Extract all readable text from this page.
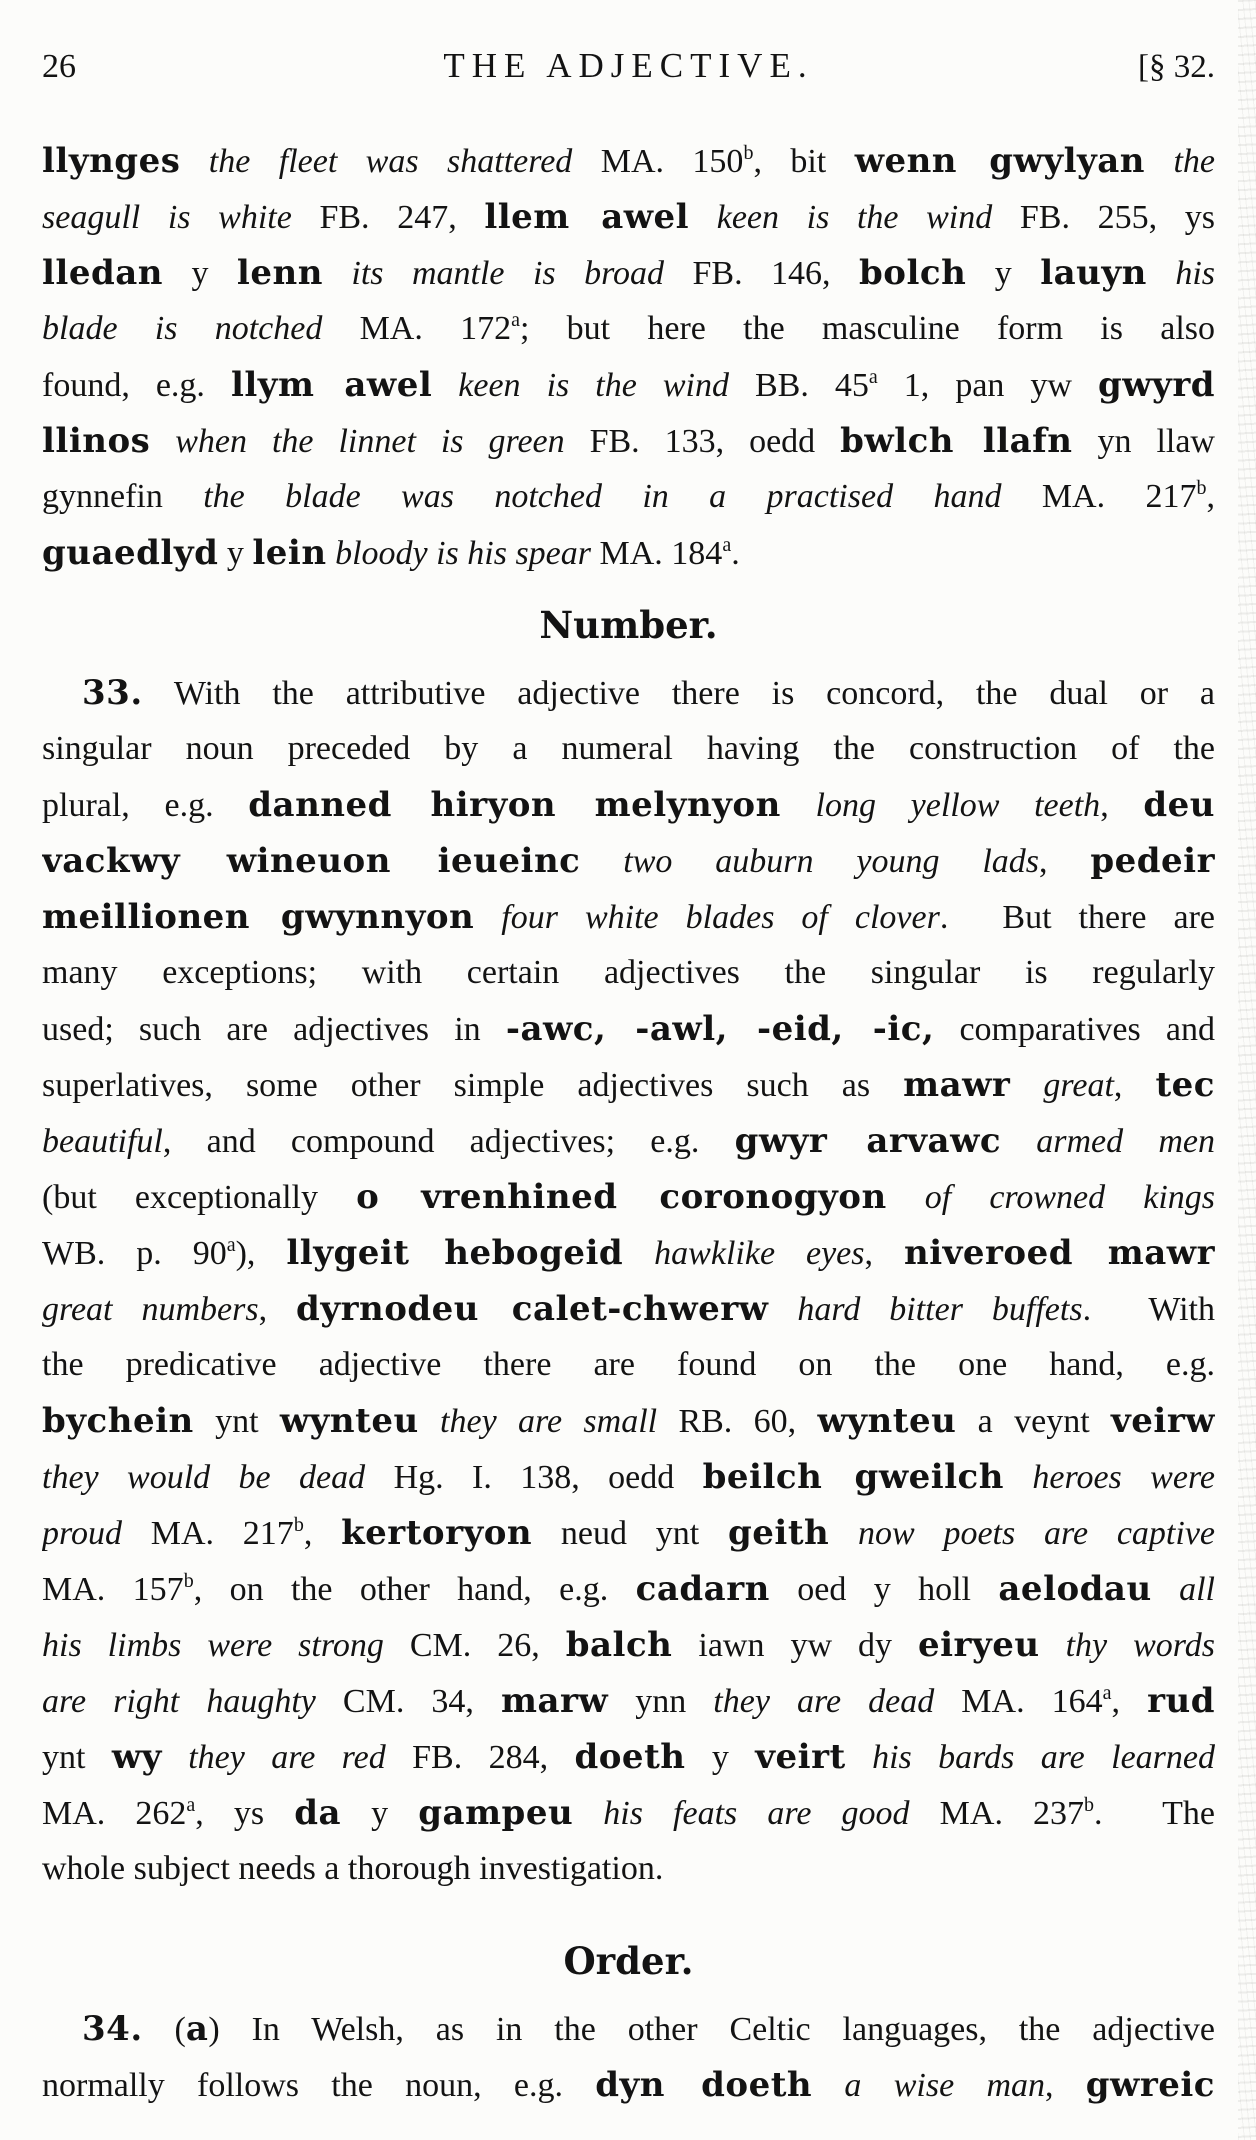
26	THE ADJECTIVE.	[§ 32.
llynges the fleet was shattered MA. 150$^b$, bit wenn gwylyan the
seagull is white FB. 247, llem awel keen is the wind FB. 255, ys
lledan y lenn its mantle is broad FB. 146, bolch y lauyn his
blade is notched MA. 172$^a$; but here the masculine form is also
found, e.g. llym awel keen is the wind BB. 45$^a$ 1, pan yw gwyrd
llinos when the linnet is green FB. 133, oedd bwlch llafn yn llaw
gynnefin the blade was notched in a practised hand MA. 217$^b$,
guaedlyd y lein bloody is his spear MA. 184$^a$.
Number.
33. With the attributive adjective there is concord, the dual or a
singular noun preceded by a numeral having the construction of the
plural, e.g. danned hiryon melynyon long yellow teeth, deu
vackwy wineuon ieueinc two auburn young lads, pedeir
meillionen gwynnyon four white blades of clover.  But there are
many exceptions; with certain adjectives the singular is regularly
used; such are adjectives in -awc, -awl, -eid, -ic, comparatives and
superlatives, some other simple adjectives such as mawr great, tec
beautiful, and compound adjectives; e.g. gwyr arvawc armed men
(but exceptionally o vrenhined coronogyon of crowned kings
WB. p. 90$^a$), llygeit hebogeid hawklike eyes, niveroed mawr
great numbers, dyrnodeu calet-chwerw hard bitter buffets.  With
the predicative adjective there are found on the one hand, e.g.
bychein ynt wynteu they are small RB. 60, wynteu a veynt veirw
they would be dead Hg. I. 138, oedd beilch gweilch heroes were
proud MA. 217$^b$, kertoryon neud ynt geith now poets are captive
MA. 157$^b$, on the other hand, e.g. cadarn oed y holl aelodau all
his limbs were strong CM. 26, balch iawn yw dy eiryeu thy words
are right haughty CM. 34, marw ynn they are dead MA. 164$^a$, rud
ynt wy they are red FB. 284, doeth y veirt his bards are learned
MA. 262$^a$, ys da y gampeu his feats are good MA. 237$^b$.  The
whole subject needs a thorough investigation.
Order.
34. (a) In Welsh, as in the other Celtic languages, the adjective
normally follows the noun, e.g. dyn doeth a wise man, gwreic
